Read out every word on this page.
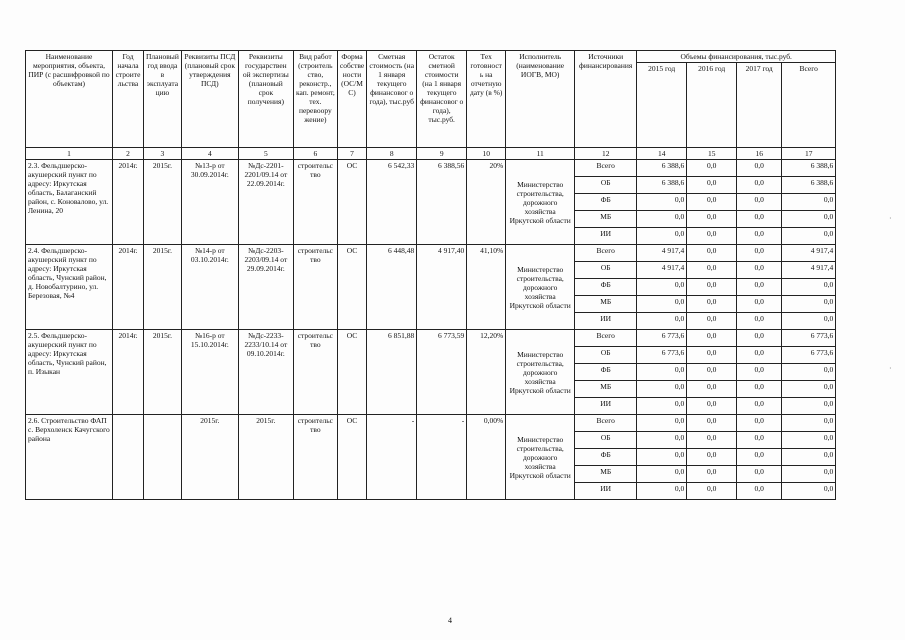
Наименование мероприятия, объекта, ПИР (с расшифровкой по объектам)	Год начала строите льства	Плановый год ввода в эксплуата цию	Реквизиты ПСД (плановый срок утверждения ПСД)	Реквизиты государствен ой экспертизы (плановый срок получения)	Вид работ (строитель ство, реконстр., кап. ремонт, тех. перевоору жение)	Форма собстве ности (ОС/М С)	Сметная стоимость (на 1 января текущего финансовог о года), тыс.руб	Остаток сметной стоимости (на 1 января текущего финансовог о года), тыс.руб.	Тех готовност ь на отчетную дату (в %)	Исполнитель (наименование ИОГВ, МО)	Источники финансирования	Объемы финансирования, тыс.руб.			
												2015 год	2016 год	2017 год	Всего
1	2	3	4	5	6	7	8	9	10	11	12	14	15	16	17
2.3. Фельдшерско-акушерский пункт по адресу: Иркутская область, Балаганский район, с. Коновалово, ул. Ленина, 20	2014г.	2015г.	№13-р от 30.09.2014г.	№Дс-2201-2201/09.14 от 22.09.2014г.	строительс тво	ОС	6 542,33	6 388,56	20%	Министерство строительства, дорожного хозяйства Иркутской области	Всего	6 388,6	0,0	0,0	6 388,6
											ОБ	6 388,6	0,0	0,0	6 388,6
											ФБ	0,0	0,0	0,0	0,0
											МБ	0,0	0,0	0,0	0,0
											ИИ	0,0	0,0	0,0	0,0
2.4. Фельдшерско-акушерский пункт по адресу: Иркутская область, Чунский район, д. Новобалтурино, ул. Березовая, №4	2014г.	2015г.	№14-р от 03.10.2014г.	№Дс-2203-2203/09.14 от 29.09.2014г.	строительс тво	ОС	6 448,48	4 917,40	41,10%	Министерство строительства, дорожного хозяйства Иркутской области	Всего	4 917,4	0,0	0,0	4 917,4
											ОБ	4 917,4	0,0	0,0	4 917,4
											ФБ	0,0	0,0	0,0	0,0
											МБ	0,0	0,0	0,0	0,0
											ИИ	0,0	0,0	0,0	0,0
2.5. Фельдшерско-акушерский пункт по адресу: Иркутская область, Чунский район, п. Изыкан	2014г.	2015г.	№16-р от 15.10.2014г.	№Дс-2233-2233/10.14 от 09.10.2014г.	строительс тво	ОС	6 851,88	6 773,59	12,20%	Министерство строительства, дорожного хозяйства Иркутской области	Всего	6 773,6	0,0	0,0	6 773,6
											ОБ	6 773,6	0,0	0,0	6 773,6
											ФБ	0,0	0,0	0,0	0,0
											МБ	0,0	0,0	0,0	0,0
											ИИ	0,0	0,0	0,0	0,0
2.6. Строительство ФАП с. Верхоленск Качугского района			2015г.	2015г.	строительс тво	ОС	-	-	0,00%	Министерство строительства, дорожного хозяйства Иркутской области	Всего	0,0	0,0	0,0	0,0
											ОБ	0,0	0,0	0,0	0,0
											ФБ	0,0	0,0	0,0	0,0
											МБ	0,0	0,0	0,0	0,0
											ИИ	0,0	0,0	0,0	0,0
4
·
·
